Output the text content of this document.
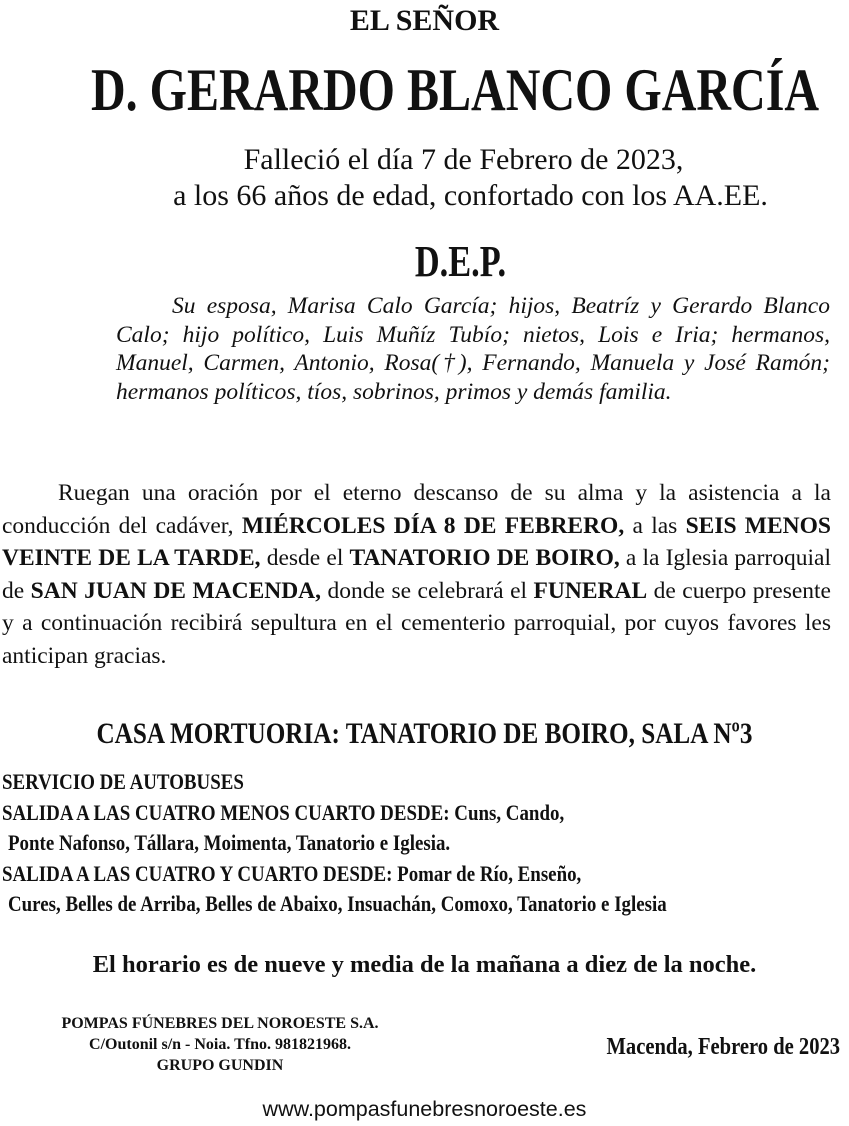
EL SEÑOR
D. GERARDO BLANCO GARCÍA
Falleció el día 7 de Febrero de 2023,
a los 66 años de edad, confortado con los AA.EE.
D.E.P.
Su esposa, Marisa Calo García; hijos, Beatríz y Gerardo Blanco Calo; hijo político, Luis Muñíz Tubío; nietos, Lois e Iria; hermanos, Manuel, Carmen, Antonio, Rosa(†), Fernando, Manuela y José Ramón; hermanos políticos, tíos, sobrinos, primos y demás familia.
Ruegan una oración por el eterno descanso de su alma y la asistencia a la conducción del cadáver, MIÉRCOLES DÍA 8 DE FEBRERO, a las SEIS MENOS VEINTE DE LA TARDE, desde el TANATORIO DE BOIRO, a la Iglesia parroquial de SAN JUAN DE MACENDA, donde se celebrará el FUNERAL de cuerpo presente y a continuación recibirá sepultura en el cementerio parroquial, por cuyos favores les anticipan gracias.
CASA MORTUORIA: TANATORIO DE BOIRO, SALA Nº3
SERVICIO DE AUTOBUSES
SALIDA A LAS CUATRO MENOS CUARTO DESDE: Cuns, Cando,
Ponte Nafonso, Tállara, Moimenta, Tanatorio e Iglesia.
SALIDA A LAS CUATRO Y CUARTO DESDE: Pomar de Río, Enseño,
Cures, Belles de Arriba, Belles de Abaixo, Insuachán, Comoxo, Tanatorio e Iglesia
El horario es de nueve y media de la mañana a diez de la noche.
POMPAS FÚNEBRES DEL NOROESTE S.A.
C/Outonil s/n - Noia. Tfno. 981821968.
GRUPO GUNDIN
Macenda, Febrero de 2023
www.pompasfunebresnoroeste.es
